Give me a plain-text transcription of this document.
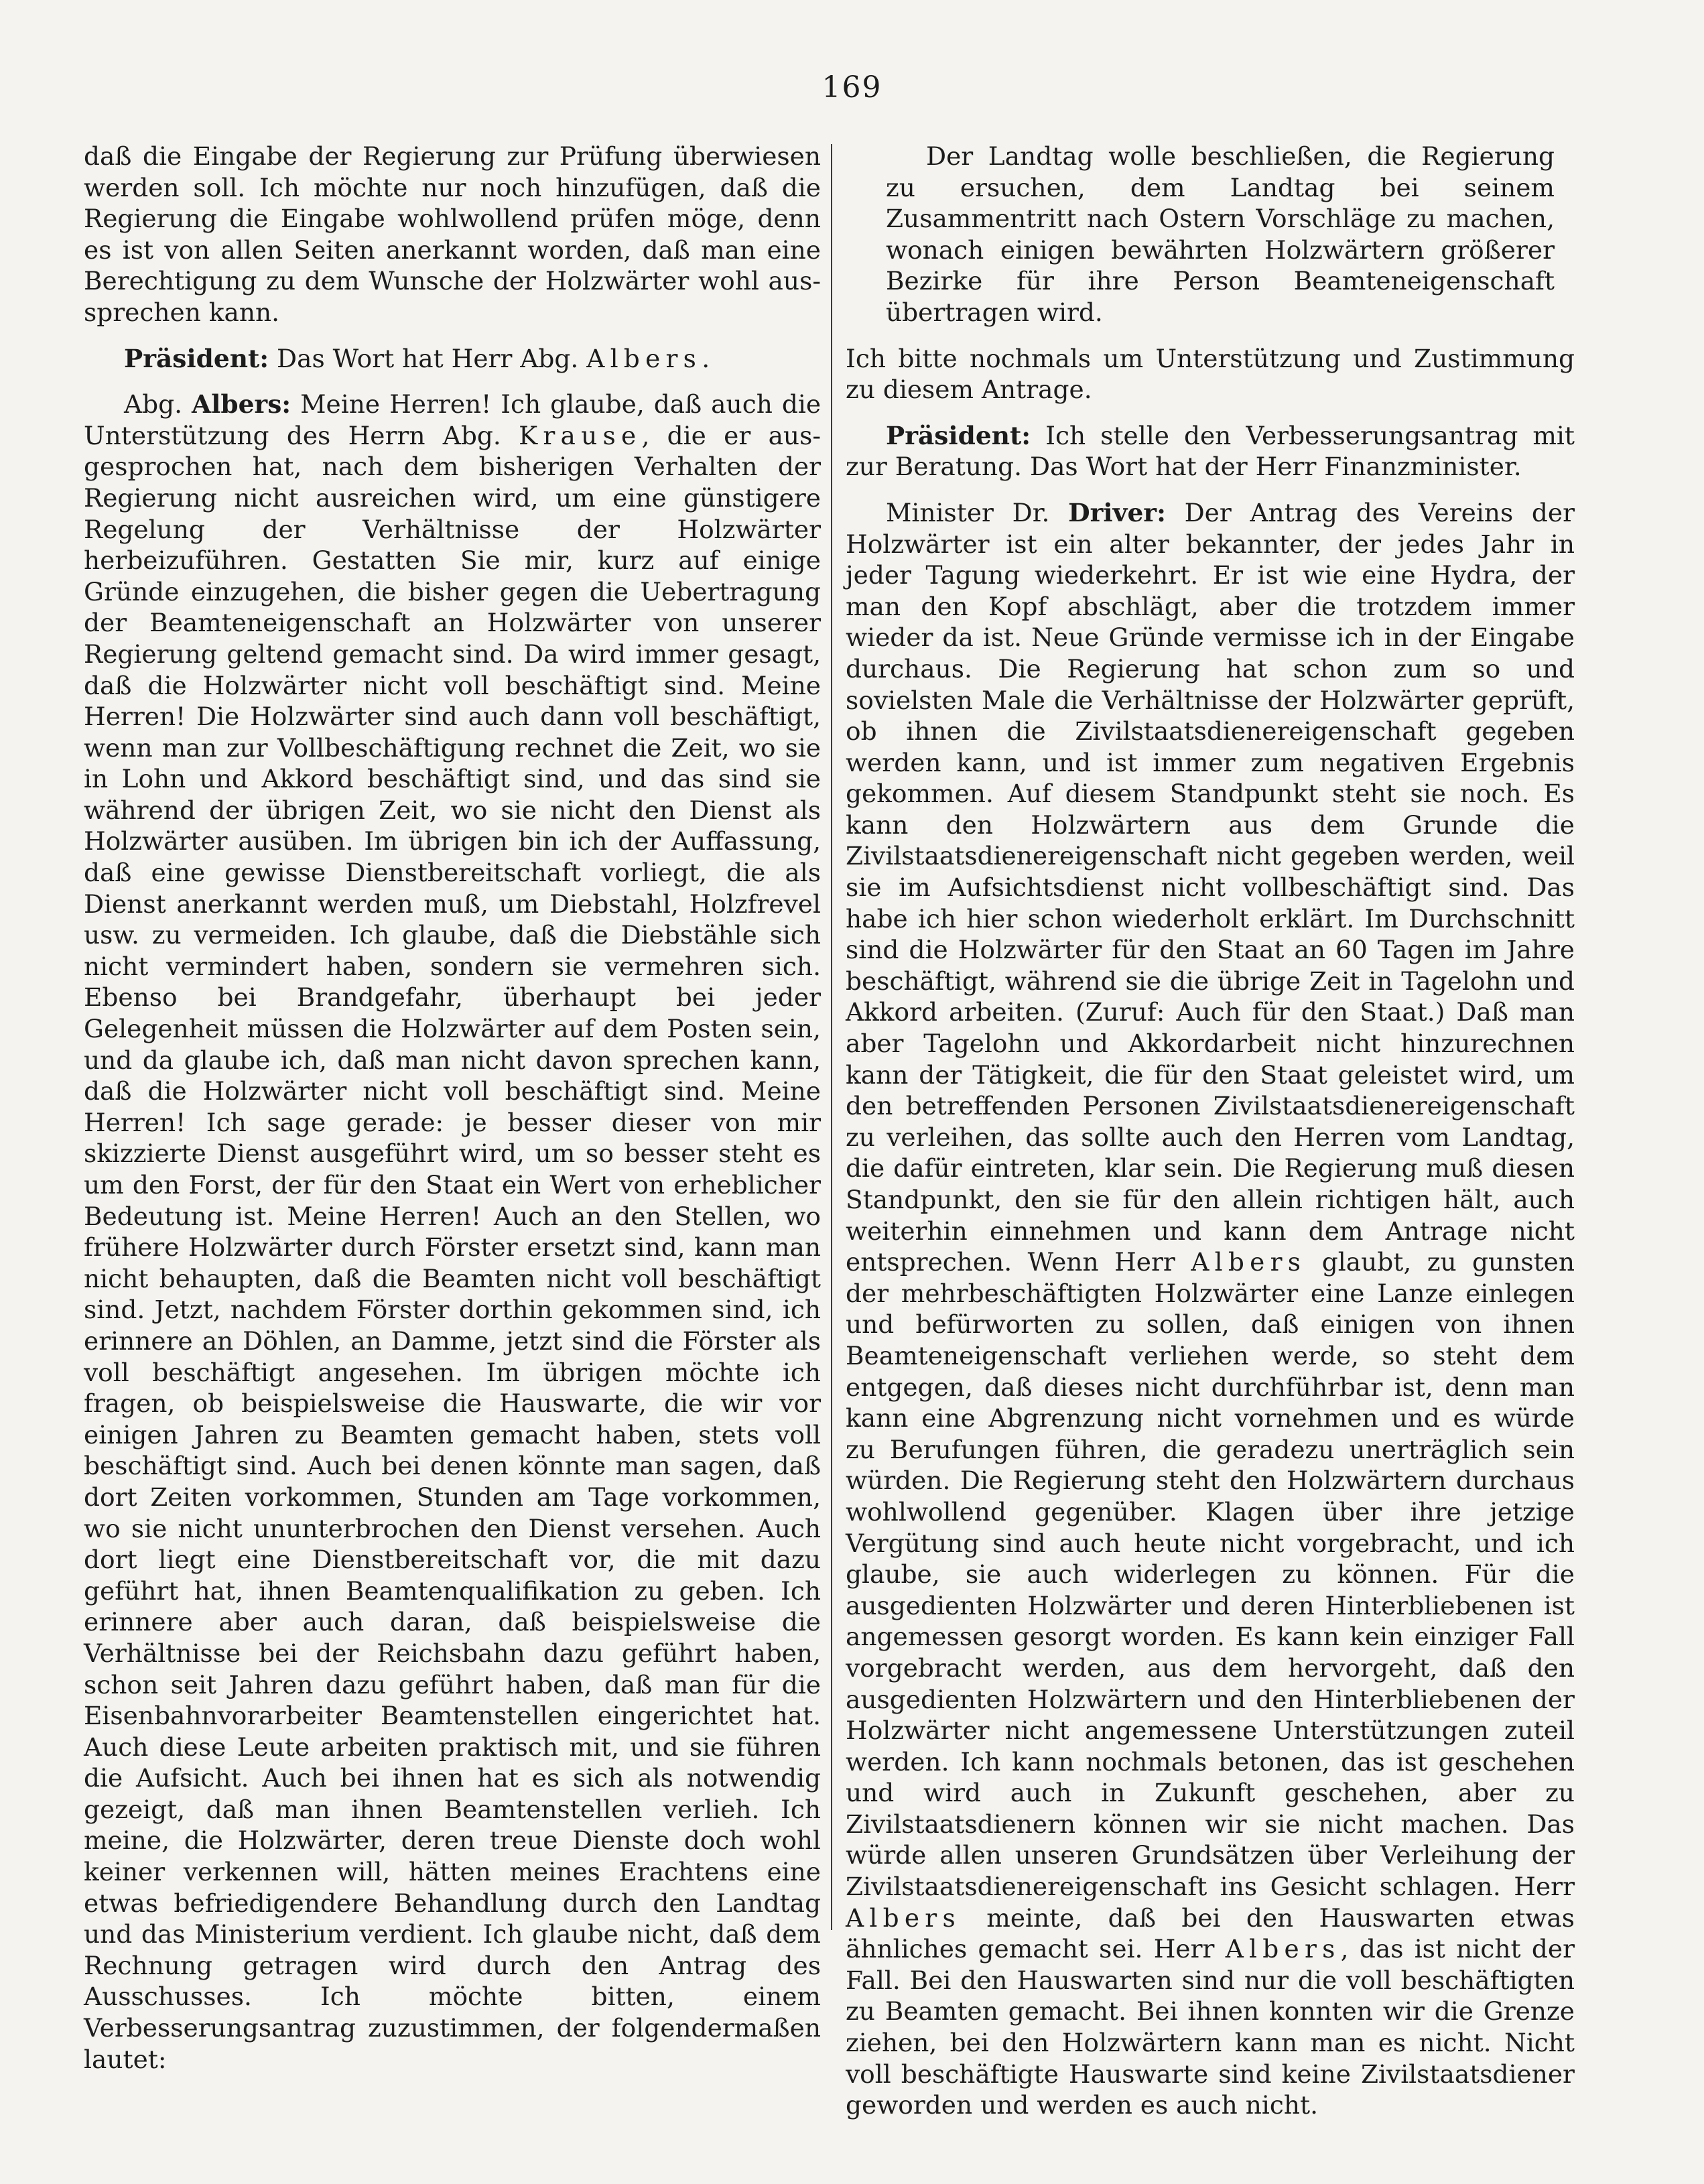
169

daß die Eingabe der Regierung zur Prüfung überwiesen werden soll. Ich möchte nur noch hinzufügen, daß die Regierung die Eingabe wohlwollend prüfen möge, denn es ist von allen Seiten anerkannt worden, daß man eine Berechtigung zu dem Wunsche der Holzwärter wohl aussprechen kann.

Präsident: Das Wort hat Herr Abg. Albers.

Abg. Albers: Meine Herren! Ich glaube, daß auch die Unterstützung des Herrn Abg. Krause, die er ausgesprochen hat, nach dem bisherigen Verhalten der Regierung nicht ausreichen wird, um eine günstigere Regelung der Verhältnisse der Holzwärter herbeizuführen. Gestatten Sie mir, kurz auf einige Gründe einzugehen, die bisher gegen die Uebertragung der Beamteneigenschaft an Holzwärter von unserer Regierung geltend gemacht sind. Da wird immer gesagt, daß die Holzwärter nicht voll beschäftigt sind. Meine Herren! Die Holzwärter sind auch dann voll beschäftigt, wenn man zur Vollbeschäftigung rechnet die Zeit, wo sie in Lohn und Akkord beschäftigt sind, und das sind sie während der übrigen Zeit, wo sie nicht den Dienst als Holzwärter ausüben. Im übrigen bin ich der Auffassung, daß eine gewisse Dienstbereitschaft vorliegt, die als Dienst anerkannt werden muß, um Diebstahl, Holzfrevel usw. zu vermeiden. Ich glaube, daß die Diebstähle sich nicht vermindert haben, sondern sie vermehren sich. Ebenso bei Brandgefahr, überhaupt bei jeder Gelegenheit müssen die Holzwärter auf dem Posten sein, und da glaube ich, daß man nicht davon sprechen kann, daß die Holzwärter nicht voll beschäftigt sind. Meine Herren! Ich sage gerade: je besser dieser von mir skizzierte Dienst ausgeführt wird, um so besser steht es um den Forst, der für den Staat ein Wert von erheblicher Bedeutung ist. Meine Herren! Auch an den Stellen, wo frühere Holzwärter durch Förster ersetzt sind, kann man nicht behaupten, daß die Beamten nicht voll beschäftigt sind. Jetzt, nachdem Förster dorthin gekommen sind, ich erinnere an Döhlen, an Damme, jetzt sind die Förster als voll beschäftigt angesehen. Im übrigen möchte ich fragen, ob beispielsweise die Hauswarte, die wir vor einigen Jahren zu Beamten gemacht haben, stets voll beschäftigt sind. Auch bei denen könnte man sagen, daß dort Zeiten vorkommen, Stunden am Tage vorkommen, wo sie nicht ununterbrochen den Dienst versehen. Auch dort liegt eine Dienstbereitschaft vor, die mit dazu geführt hat, ihnen Beamtenqualifikation zu geben. Ich erinnere aber auch daran, daß beispielsweise die Verhältnisse bei der Reichsbahn dazu geführt haben, schon seit Jahren dazu geführt haben, daß man für die Eisenbahnvorarbeiter Beamtenstellen eingerichtet hat. Auch diese Leute arbeiten praktisch mit, und sie führen die Aufsicht. Auch bei ihnen hat es sich als notwendig gezeigt, daß man ihnen Beamtenstellen verlieh. Ich meine, die Holzwärter, deren treue Dienste doch wohl keiner verkennen will, hätten meines Erachtens eine etwas befriedigendere Behandlung durch den Landtag und das Ministerium verdient. Ich glaube nicht, daß dem Rechnung getragen wird durch den Antrag des Ausschusses. Ich möchte bitten, einem Verbesserungsantrag zuzustimmen, der folgendermaßen lautet:

Der Landtag wolle beschließen, die Regierung zu ersuchen, dem Landtag bei seinem Zusammentritt nach Ostern Vorschläge zu machen, wonach einigen bewährten Holzwärtern größerer Bezirke für ihre Person Beamteneigenschaft übertragen wird.

Ich bitte nochmals um Unterstützung und Zustimmung zu diesem Antrage.

Präsident: Ich stelle den Verbesserungsantrag mit zur Beratung. Das Wort hat der Herr Finanzminister.

Minister Dr. Driver: Der Antrag des Vereins der Holzwärter ist ein alter bekannter, der jedes Jahr in jeder Tagung wiederkehrt. Er ist wie eine Hydra, der man den Kopf abschlägt, aber die trotzdem immer wieder da ist. Neue Gründe vermisse ich in der Eingabe durchaus. Die Regierung hat schon zum so und sovielsten Male die Verhältnisse der Holzwärter geprüft, ob ihnen die Zivilstaatsdienereigenschaft gegeben werden kann, und ist immer zum negativen Ergebnis gekommen. Auf diesem Standpunkt steht sie noch. Es kann den Holzwärtern aus dem Grunde die Zivilstaatsdienereigenschaft nicht gegeben werden, weil sie im Aufsichtsdienst nicht vollbeschäftigt sind. Das habe ich hier schon wiederholt erklärt. Im Durchschnitt sind die Holzwärter für den Staat an 60 Tagen im Jahre beschäftigt, während sie die übrige Zeit in Tagelohn und Akkord arbeiten. (Zuruf: Auch für den Staat.) Daß man aber Tagelohn und Akkordarbeit nicht hinzurechnen kann der Tätigkeit, die für den Staat geleistet wird, um den betreffenden Personen Zivilstaatsdienereigenschaft zu verleihen, das sollte auch den Herren vom Landtag, die dafür eintreten, klar sein. Die Regierung muß diesen Standpunkt, den sie für den allein richtigen hält, auch weiterhin einnehmen und kann dem Antrage nicht entsprechen. Wenn Herr Albers glaubt, zu gunsten der mehrbeschäftigten Holzwärter eine Lanze einlegen und befürworten zu sollen, daß einigen von ihnen Beamteneigenschaft verliehen werde, so steht dem entgegen, daß dieses nicht durchführbar ist, denn man kann eine Abgrenzung nicht vornehmen und es würde zu Berufungen führen, die geradezu unerträglich sein würden. Die Regierung steht den Holzwärtern durchaus wohlwollend gegenüber. Klagen über ihre jetzige Vergütung sind auch heute nicht vorgebracht, und ich glaube, sie auch widerlegen zu können. Für die ausgedienten Holzwärter und deren Hinterbliebenen ist angemessen gesorgt worden. Es kann kein einziger Fall vorgebracht werden, aus dem hervorgeht, daß den ausgedienten Holzwärtern und den Hinterbliebenen der Holzwärter nicht angemessene Unterstützungen zuteil werden. Ich kann nochmals betonen, das ist geschehen und wird auch in Zukunft geschehen, aber zu Zivilstaatsdienern können wir sie nicht machen. Das würde allen unseren Grundsätzen über Verleihung der Zivilstaatsdienereigenschaft ins Gesicht schlagen. Herr Albers meinte, daß bei den Hauswarten etwas ähnliches gemacht sei. Herr Albers, das ist nicht der Fall. Bei den Hauswarten sind nur die voll beschäftigten zu Beamten gemacht. Bei ihnen konnten wir die Grenze ziehen, bei den Holzwärtern kann man es nicht. Nicht voll beschäftigte Hauswarte sind keine Zivilstaatsdiener geworden und werden es auch nicht.
